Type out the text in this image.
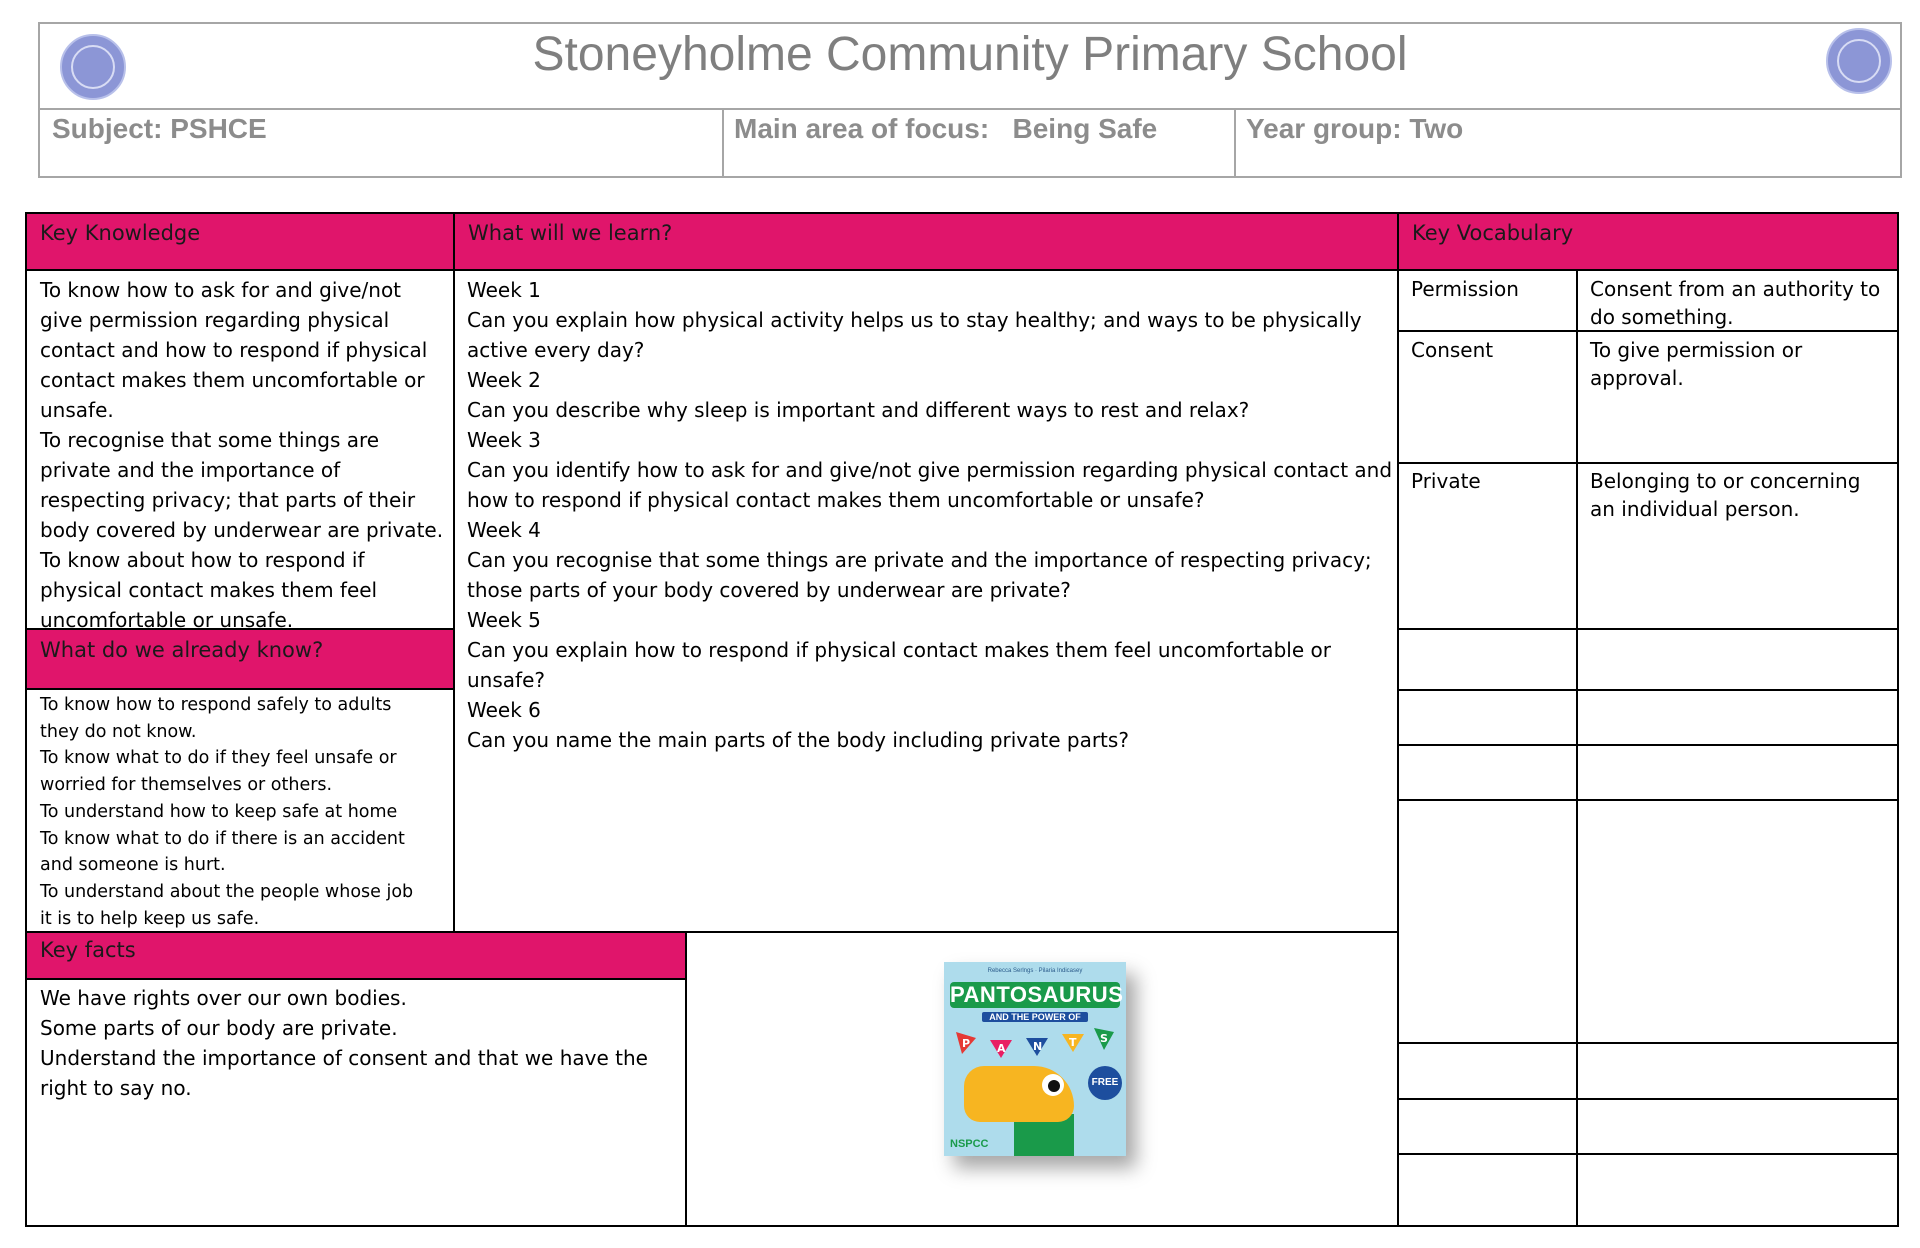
Stoneyholme Community Primary School
Subject: PSHCE	Main area of focus: Being Safe	Year group: Two
Key Knowledge	What will we learn?	Key Vocabulary
What do we already know?
Key facts
To know how to ask for and give/not
give permission regarding physical
contact and how to respond if physical
contact makes them uncomfortable or
unsafe.
To recognise that some things are
private and the importance of
respecting privacy; that parts of their
body covered by underwear are private.
To know about how to respond if
physical contact makes them feel
uncomfortable or unsafe.
To know how to respond safely to adults
they do not know.
To know what to do if they feel unsafe or
worried for themselves or others.
To understand how to keep safe at home
To know what to do if there is an accident
and someone is hurt.
To understand about the people whose job
it is to help keep us safe.
Week 1
Can you explain how physical activity helps us to stay healthy; and ways to be physically
active every day?
Week 2
Can you describe why sleep is important and different ways to rest and relax?
Week 3
Can you identify how to ask for and give/not give permission regarding physical contact and
how to respond if physical contact makes them uncomfortable or unsafe?
Week 4
Can you recognise that some things are private and the importance of respecting privacy;
those parts of your body covered by underwear are private?
Week 5
Can you explain how to respond if physical contact makes them feel uncomfortable or
unsafe?
Week 6
Can you name the main parts of the body including private parts?
Permission	Consent from an authority to
do something.
Consent	To give permission or
approval.
Private	Belonging to or concerning
an individual person.
We have rights over our own bodies.
Some parts of our body are private.
Understand the importance of consent and that we have the
right to say no.
Rebecca Serlngs · Pilaria Indicasey
PANTOSAURUS
AND THE POWER OF
P A N T S
FREE
NSPCC
